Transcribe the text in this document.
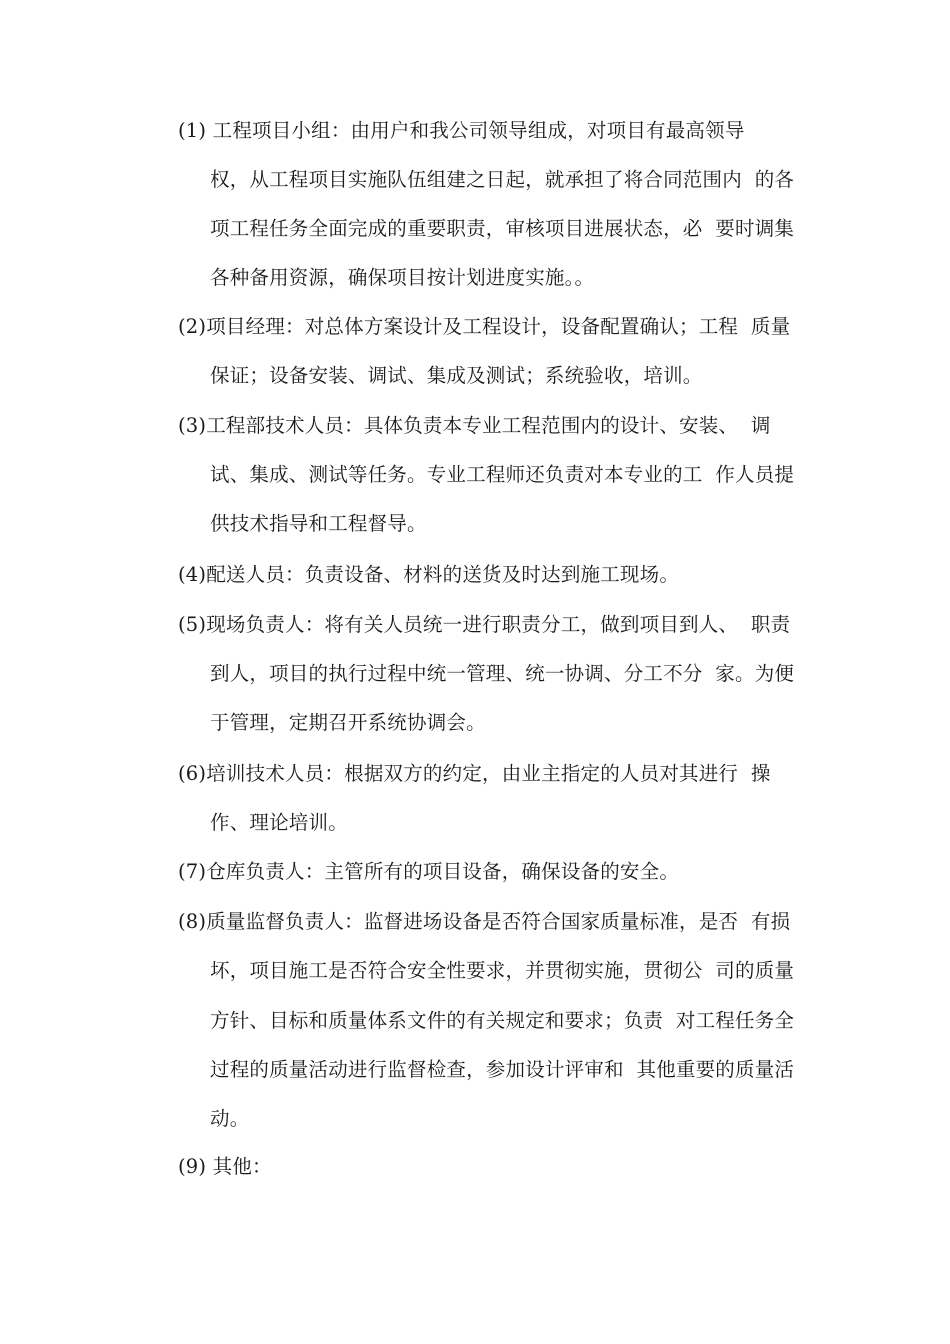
(1) 工程项目小组：由用户和我公司领导组成，对项目有最高领导
权，从工程项目实施队伍组建之日起，就承担了将合同范围内  的各
项工程任务全面完成的重要职责，审核项目进展状态，必  要时调集
各种备用资源，确保项目按计划进度实施。。
(2)项目经理：对总体方案设计及工程设计，设备配置确认；工程  质量
保证；设备安装、调试、集成及测试；系统验收，培训。
(3)工程部技术人员：具体负责本专业工程范围内的设计、安装、  调
试、集成、测试等任务。专业工程师还负责对本专业的工  作人员提
供技术指导和工程督导。
(4)配送人员：负责设备、材料的送货及时达到施工现场。
(5)现场负责人：将有关人员统一进行职责分工，做到项目到人、  职责
到人，项目的执行过程中统一管理、统一协调、分工不分  家。为便
于管理，定期召开系统协调会。
(6)培训技术人员：根据双方的约定，由业主指定的人员对其进行  操
作、理论培训。
(7)仓库负责人：主管所有的项目设备，确保设备的安全。
(8)质量监督负责人：监督进场设备是否符合国家质量标准，是否  有损
坏，项目施工是否符合安全性要求，并贯彻实施，贯彻公  司的质量
方针、目标和质量体系文件的有关规定和要求；负责  对工程任务全
过程的质量活动进行监督检查，参加设计评审和  其他重要的质量活
动。
(9) 其他：
